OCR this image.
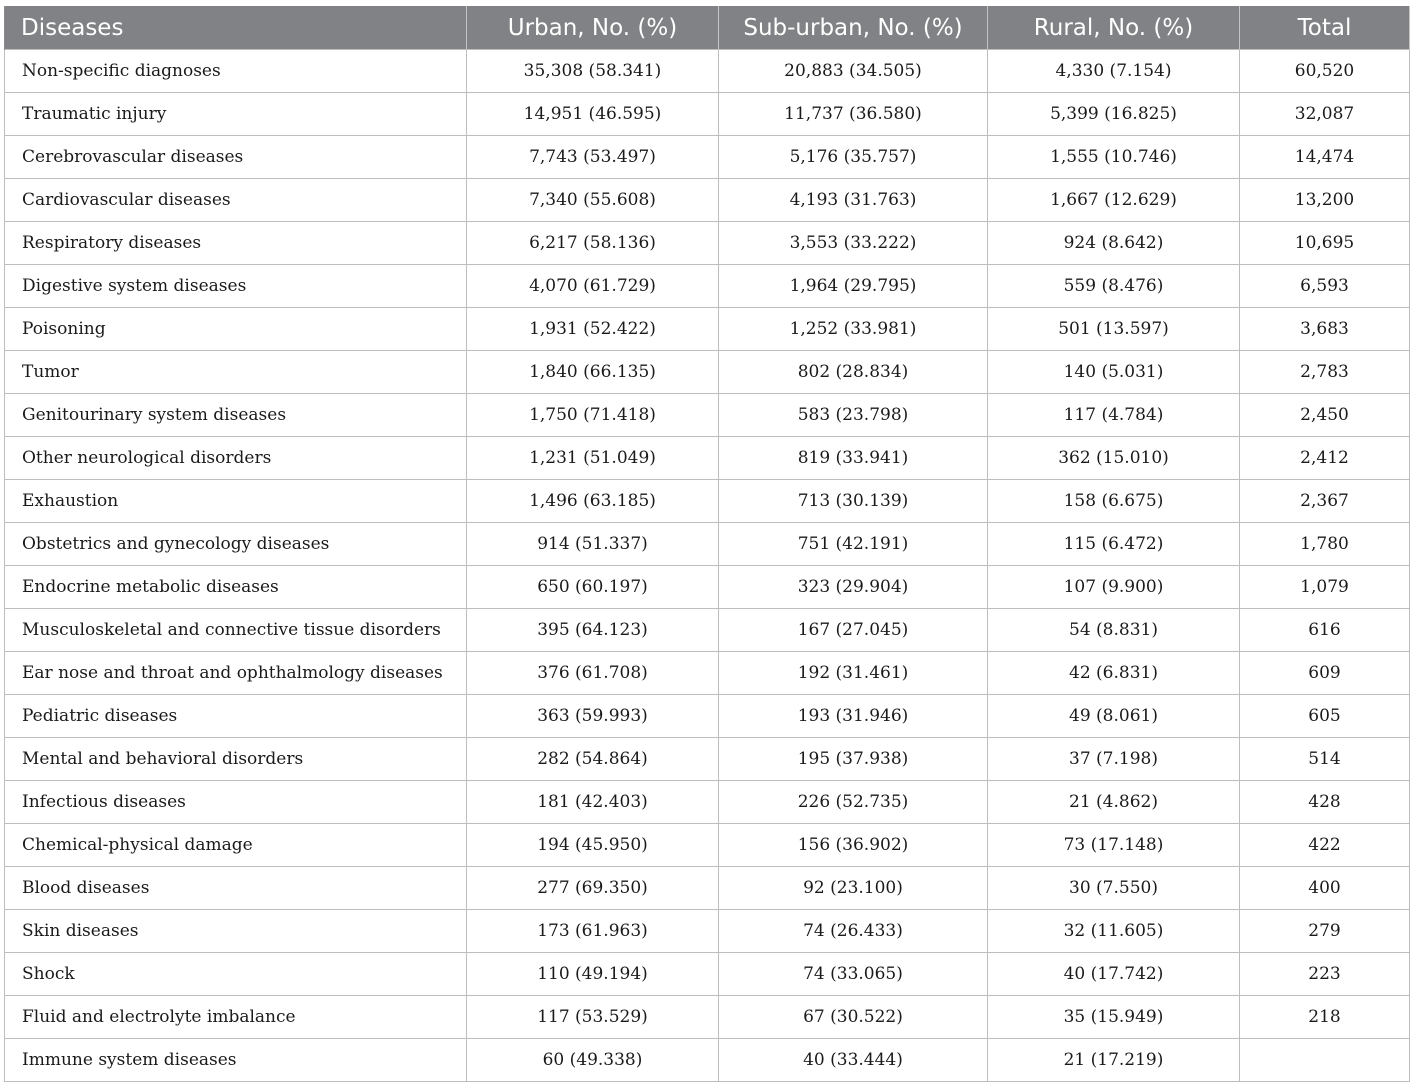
Diseases	Urban, No. (%)	Sub-urban, No. (%)	Rural, No. (%)	Total
Non-specific diagnoses	35,308 (58.341)	20,883 (34.505)	4,330 (7.154)	60,520
Traumatic injury	14,951 (46.595)	11,737 (36.580)	5,399 (16.825)	32,087
Cerebrovascular diseases	7,743 (53.497)	5,176 (35.757)	1,555 (10.746)	14,474
Cardiovascular diseases	7,340 (55.608)	4,193 (31.763)	1,667 (12.629)	13,200
Respiratory diseases	6,217 (58.136)	3,553 (33.222)	924 (8.642)	10,695
Digestive system diseases	4,070 (61.729)	1,964 (29.795)	559 (8.476)	6,593
Poisoning	1,931 (52.422)	1,252 (33.981)	501 (13.597)	3,683
Tumor	1,840 (66.135)	802 (28.834)	140 (5.031)	2,783
Genitourinary system diseases	1,750 (71.418)	583 (23.798)	117 (4.784)	2,450
Other neurological disorders	1,231 (51.049)	819 (33.941)	362 (15.010)	2,412
Exhaustion	1,496 (63.185)	713 (30.139)	158 (6.675)	2,367
Obstetrics and gynecology diseases	914 (51.337)	751 (42.191)	115 (6.472)	1,780
Endocrine metabolic diseases	650 (60.197)	323 (29.904)	107 (9.900)	1,079
Musculoskeletal and connective tissue disorders	395 (64.123)	167 (27.045)	54 (8.831)	616
Ear nose and throat and ophthalmology diseases	376 (61.708)	192 (31.461)	42 (6.831)	609
Pediatric diseases	363 (59.993)	193 (31.946)	49 (8.061)	605
Mental and behavioral disorders	282 (54.864)	195 (37.938)	37 (7.198)	514
Infectious diseases	181 (42.403)	226 (52.735)	21 (4.862)	428
Chemical-physical damage	194 (45.950)	156 (36.902)	73 (17.148)	422
Blood diseases	277 (69.350)	92 (23.100)	30 (7.550)	400
Skin diseases	173 (61.963)	74 (26.433)	32 (11.605)	279
Shock	110 (49.194)	74 (33.065)	40 (17.742)	223
Fluid and electrolyte imbalance	117 (53.529)	67 (30.522)	35 (15.949)	218
Immune system diseases	60 (49.338)	40 (33.444)	21 (17.219)	
